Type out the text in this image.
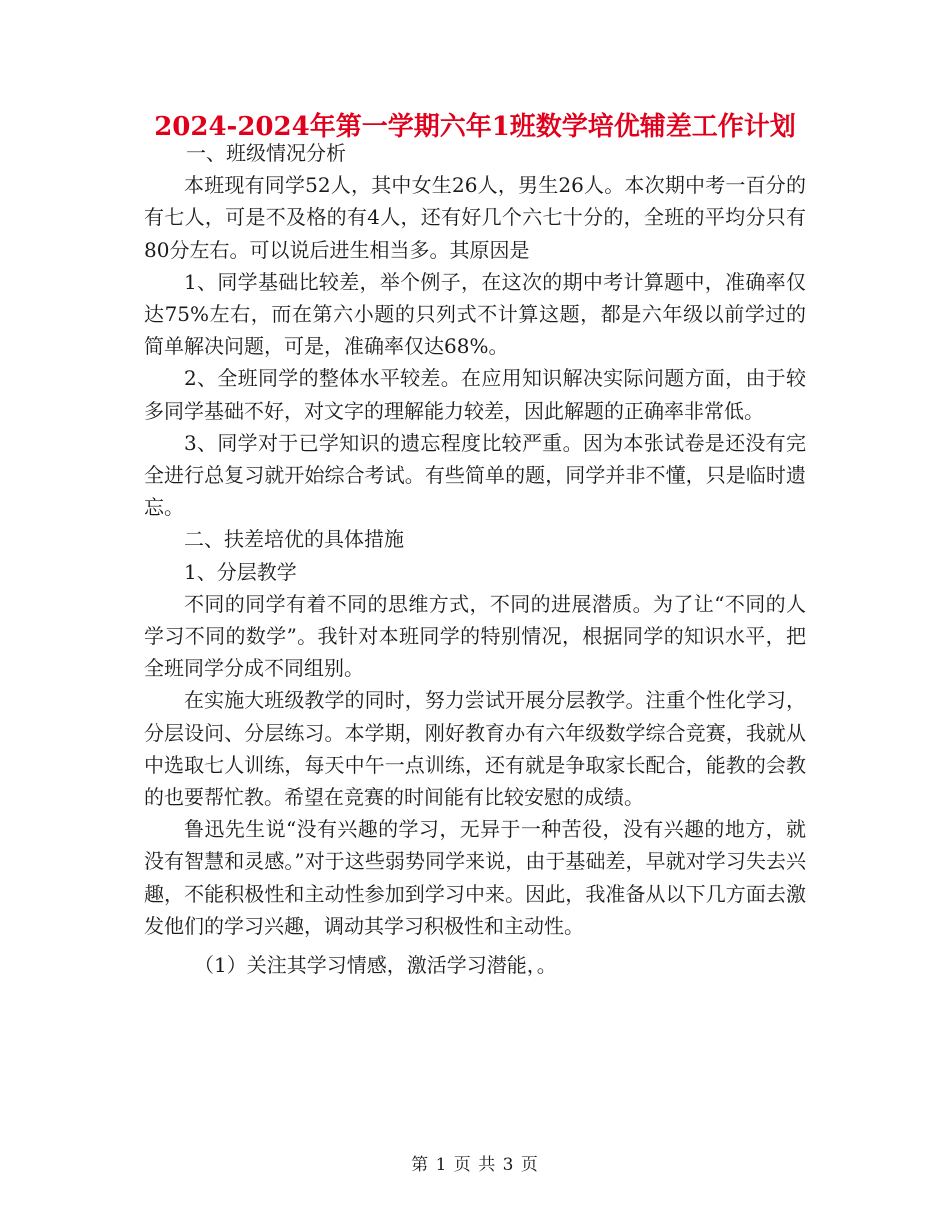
2024-2024年第一学期六年1班数学培优辅差工作计划

一、班级情况分析

本班现有同学52人，其中女生26人，男生26人。本次期中考一百分的有七人，可是不及格的有4人，还有好几个六七十分的，全班的平均分只有80分左右。可以说后进生相当多。其原因是

1、同学基础比较差，举个例子，在这次的期中考计算题中，准确率仅达75%左右，而在第六小题的只列式不计算这题，都是六年级以前学过的简单解决问题，可是，准确率仅达68%。

2、全班同学的整体水平较差。在应用知识解决实际问题方面，由于较多同学基础不好，对文字的理解能力较差，因此解题的正确率非常低。

3、同学对于已学知识的遗忘程度比较严重。因为本张试卷是还没有完全进行总复习就开始综合考试。有些简单的题，同学并非不懂，只是临时遗忘。

二、扶差培优的具体措施

1、分层教学

不同的同学有着不同的思维方式，不同的进展潜质。为了让“不同的人学习不同的数学”。我针对本班同学的特别情况，根据同学的知识水平，把全班同学分成不同组别。

在实施大班级教学的同时，努力尝试开展分层教学。注重个性化学习，分层设问、分层练习。本学期，刚好教育办有六年级数学综合竞赛，我就从中选取七人训练，每天中午一点训练，还有就是争取家长配合，能教的会教的也要帮忙教。希望在竞赛的时间能有比较安慰的成绩。

鲁迅先生说“没有兴趣的学习，无异于一种苦役，没有兴趣的地方，就没有智慧和灵感。”对于这些弱势同学来说，由于基础差，早就对学习失去兴趣，不能积极性和主动性参加到学习中来。因此，我准备从以下几方面去激发他们的学习兴趣，调动其学习积极性和主动性。

（1）关注其学习情感，激活学习潜能，。

第 1 页 共 3 页
